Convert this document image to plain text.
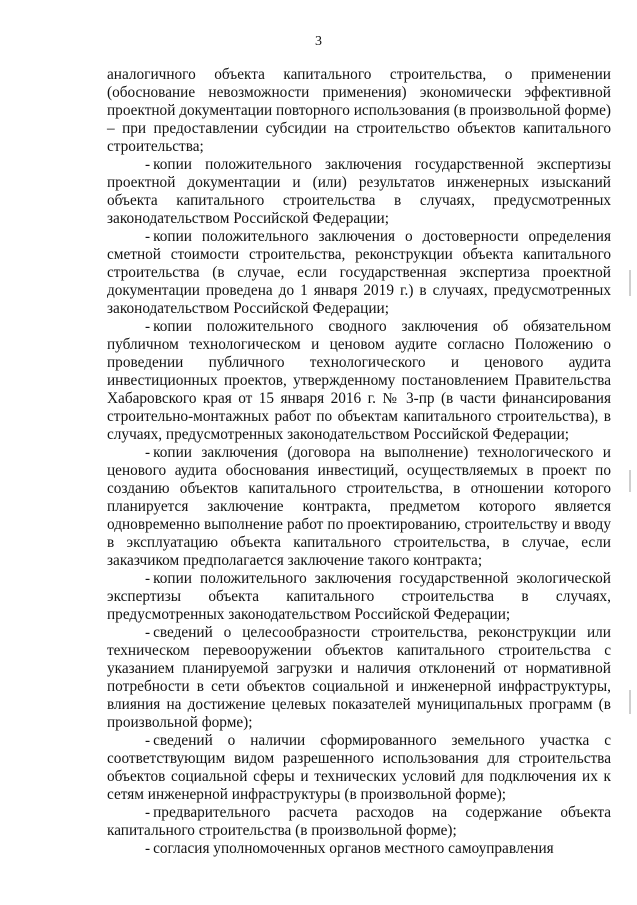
3

аналогичного объекта капитального строительства, о применении (обоснование невозможности применения) экономически эффективной проектной документации повторного использования (в произвольной форме) – при предоставлении субсидии на строительство объектов капитального строительства;

- копии положительного заключения государственной экспертизы проектной документации и (или) результатов инженерных изысканий объекта капитального строительства в случаях, предусмотренных законодательством Российской Федерации;

- копии положительного заключения о достоверности определения сметной стоимости строительства, реконструкции объекта капитального строительства (в случае, если государственная экспертиза проектной документации проведена до 1 января 2019 г.) в случаях, предусмотренных законодательством Российской Федерации;

- копии положительного сводного заключения об обязательном публичном технологическом и ценовом аудите согласно Положению о проведении публичного технологического и ценового аудита инвестиционных проектов, утвержденному постановлением Правительства Хабаровского края от 15 января 2016 г. № 3-пр (в части финансирования строительно-монтажных работ по объектам капитального строительства), в случаях, предусмотренных законодательством Российской Федерации;

- копии заключения (договора на выполнение) технологического и ценового аудита обоснования инвестиций, осуществляемых в проект по созданию объектов капитального строительства, в отношении которого планируется заключение контракта, предметом которого является одновременно выполнение работ по проектированию, строительству и вводу в эксплуатацию объекта капитального строительства, в случае, если заказчиком предполагается заключение такого контракта;

- копии положительного заключения государственной экологической экспертизы объекта капитального строительства в случаях, предусмотренных законодательством Российской Федерации;

- сведений о целесообразности строительства, реконструкции или техническом перевооружении объектов капитального строительства с указанием планируемой загрузки и наличия отклонений от нормативной потребности в сети объектов социальной и инженерной инфраструктуры, влияния на достижение целевых показателей муниципальных программ (в произвольной форме);

- сведений о наличии сформированного земельного участка с соответствующим видом разрешенного использования для строительства объектов социальной сферы и технических условий для подключения их к сетям инженерной инфраструктуры (в произвольной форме);

- предварительного расчета расходов на содержание объекта капитального строительства (в произвольной форме);

- согласия уполномоченных органов местного самоуправления
